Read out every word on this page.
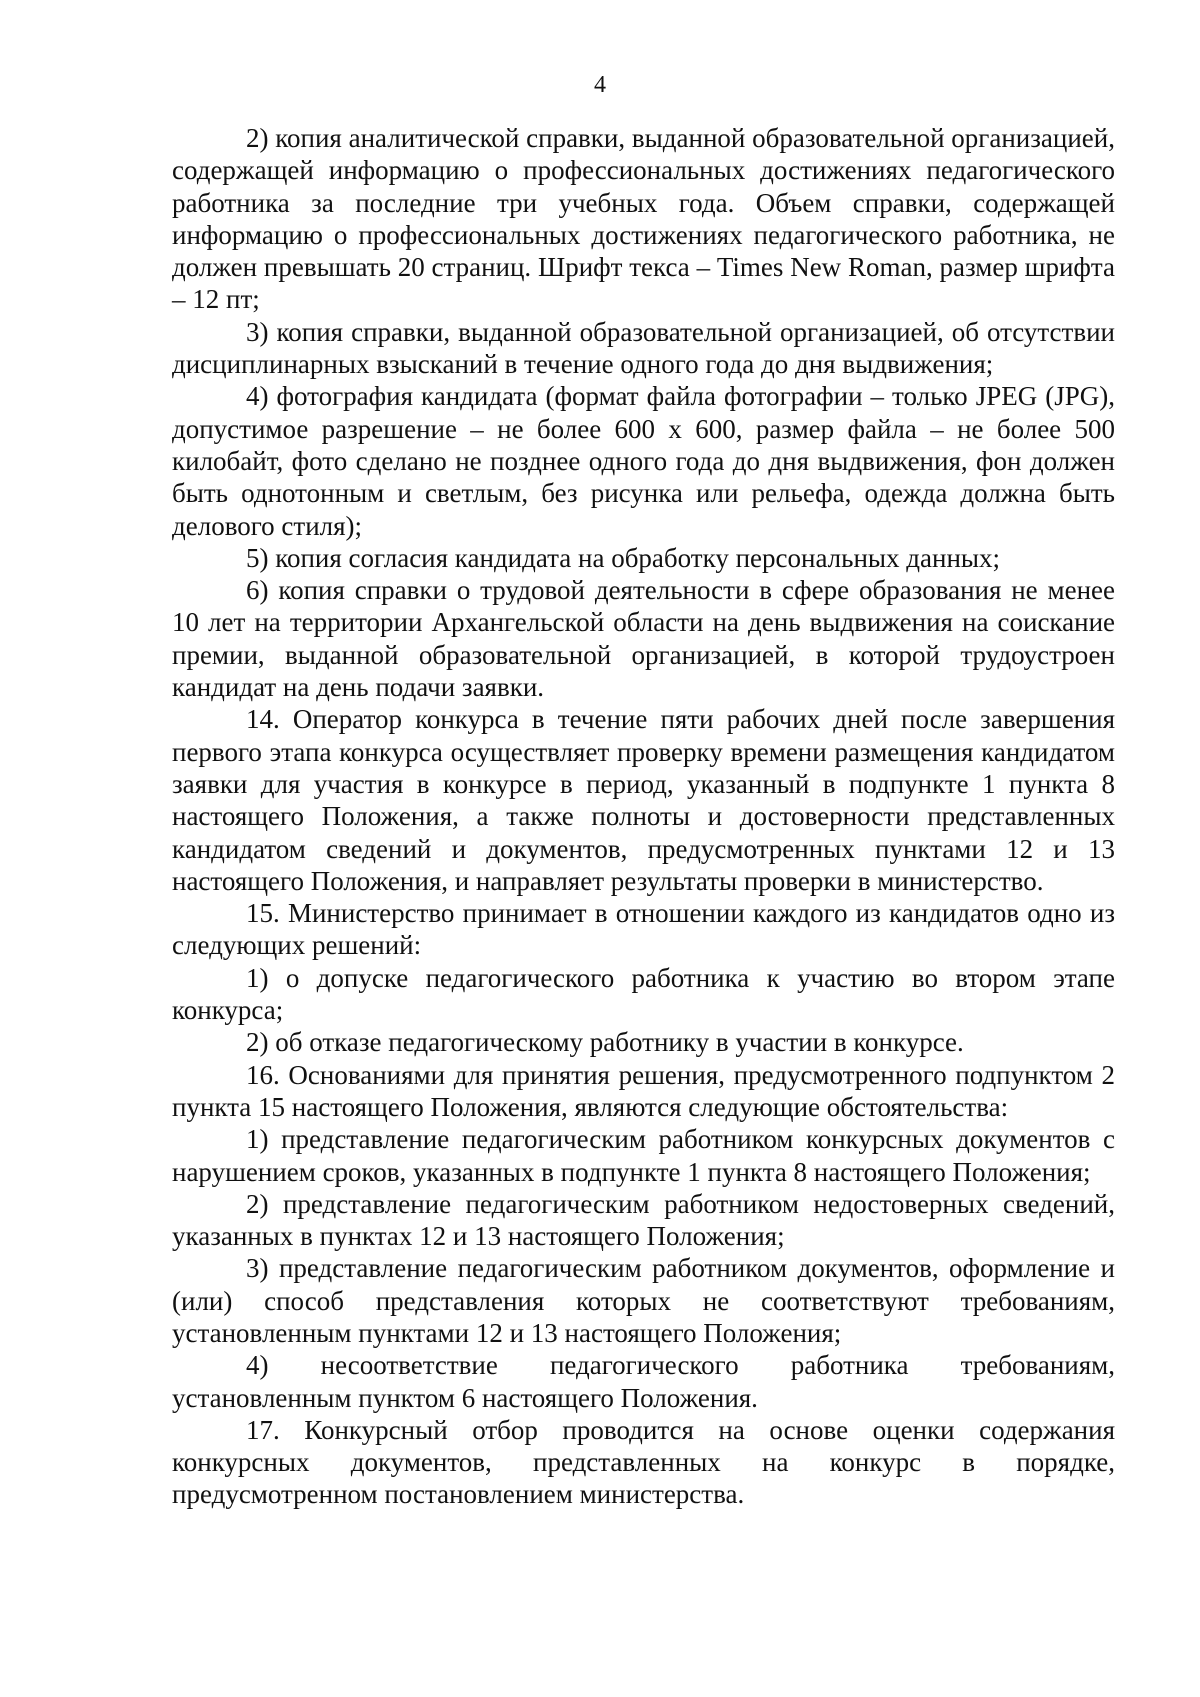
4

2) копия аналитической справки, выданной образовательной организацией, содержащей информацию о профессиональных достижениях педагогического работника за последние три учебных года. Объем справки, содержащей информацию о профессиональных достижениях педагогического работника, не должен превышать 20 страниц. Шрифт текса – Times New Roman, размер шрифта – 12 пт;

3) копия справки, выданной образовательной организацией, об отсутствии дисциплинарных взысканий в течение одного года до дня выдвижения;

4) фотография кандидата (формат файла фотографии – только JPEG (JPG), допустимое разрешение – не более 600 х 600, размер файла – не более 500 килобайт, фото сделано не позднее одного года до дня выдвижения, фон должен быть однотонным и светлым, без рисунка или рельефа, одежда должна быть делового стиля);

5) копия согласия кандидата на обработку персональных данных;

6) копия справки о трудовой деятельности в сфере образования не менее 10 лет на территории Архангельской области на день выдвижения на соискание премии, выданной образовательной организацией, в которой трудоустроен кандидат на день подачи заявки.

14. Оператор конкурса в течение пяти рабочих дней после завершения первого этапа конкурса осуществляет проверку времени размещения кандидатом заявки для участия в конкурсе в период, указанный в подпункте 1 пункта 8 настоящего Положения, а также полноты и достоверности представленных кандидатом сведений и документов, предусмотренных пунктами 12 и 13 настоящего Положения, и направляет результаты проверки в министерство.

15. Министерство принимает в отношении каждого из кандидатов одно из следующих решений:

1) о допуске педагогического работника к участию во втором этапе конкурса;

2) об отказе педагогическому работнику в участии в конкурсе.

16. Основаниями для принятия решения, предусмотренного подпунктом 2 пункта 15 настоящего Положения, являются следующие обстоятельства:

1) представление педагогическим работником конкурсных документов с нарушением сроков, указанных в подпункте 1 пункта 8 настоящего Положения;

2) представление педагогическим работником недостоверных сведений, указанных в пунктах 12 и 13 настоящего Положения;

3) представление педагогическим работником документов, оформление и (или) способ представления которых не соответствуют требованиям, установленным пунктами 12 и 13 настоящего Положения;

4) несоответствие педагогического работника требованиям, установленным пунктом 6 настоящего Положения.

17. Конкурсный отбор проводится на основе оценки содержания конкурсных документов, представленных на конкурс в порядке, предусмотренном постановлением министерства.
